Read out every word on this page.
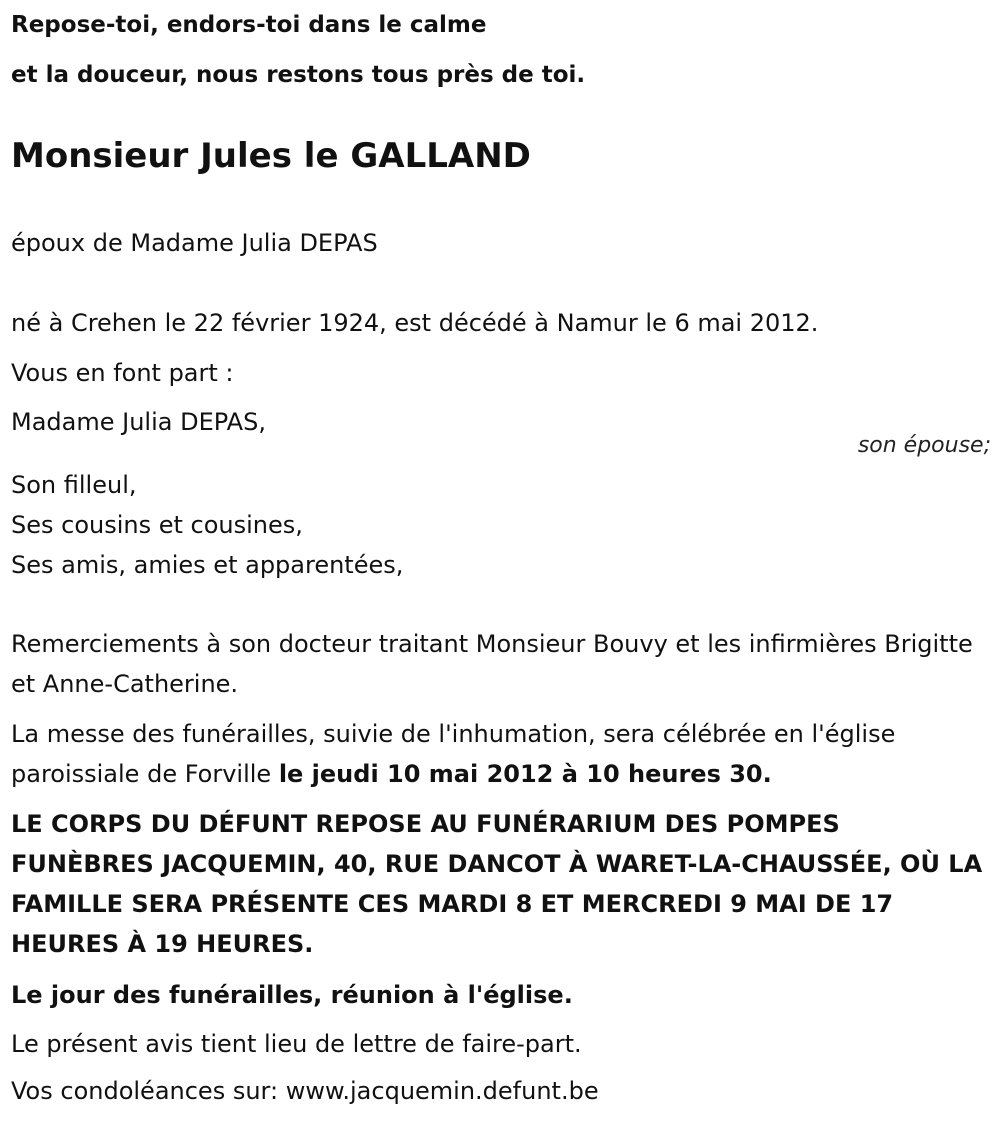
Repose-toi, endors-toi dans le calme
et la douceur, nous restons tous près de toi.
Monsieur Jules le GALLAND
époux de Madame Julia DEPAS
né à Crehen le 22 février 1924, est décédé à Namur le 6 mai 2012.
Vous en font part :
Madame Julia DEPAS,
son épouse;
Son filleul,
Ses cousins et cousines,
Ses amis, amies et apparentées,
Remerciements à son docteur traitant Monsieur Bouvy et les infirmières Brigitte et Anne-Catherine.
La messe des funérailles, suivie de l'inhumation, sera célébrée en l'église paroissiale de Forville le jeudi 10 mai 2012 à 10 heures 30.
LE CORPS DU DÉFUNT REPOSE AU FUNÉRARIUM DES POMPES FUNÈBRES JACQUEMIN, 40, RUE DANCOT À WARET-LA-CHAUSSÉE, OÙ LA FAMILLE SERA PRÉSENTE CES MARDI 8 ET MERCREDI 9 MAI DE 17 HEURES À 19 HEURES.
Le jour des funérailles, réunion à l'église.
Le présent avis tient lieu de lettre de faire-part.
Vos condoléances sur: www.jacquemin.defunt.be
